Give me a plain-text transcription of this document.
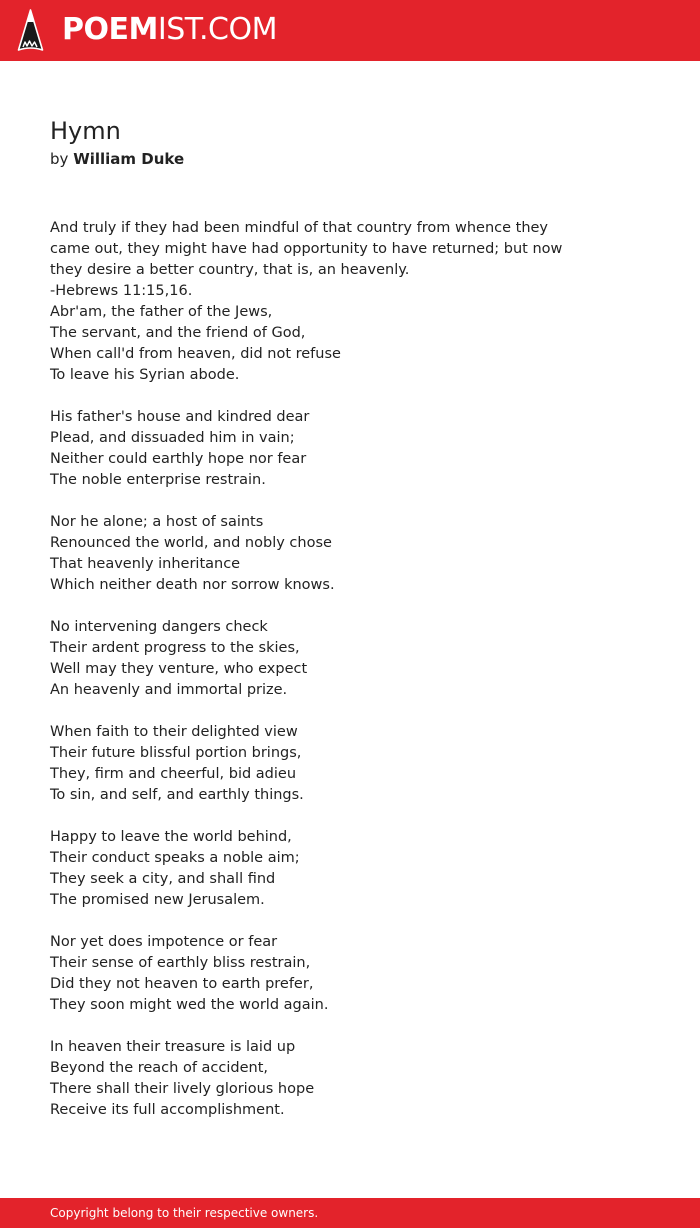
POEMIST.COM
Hymn
by William Duke
And truly if they had been mindful of that country from whence they
came out, they might have had opportunity to have returned; but now
they desire a better country, that is, an heavenly.
-Hebrews 11:15,16.
Abr'am, the father of the Jews,
The servant, and the friend of God,
When call'd from heaven, did not refuse
To leave his Syrian abode.
His father's house and kindred dear
Plead, and dissuaded him in vain;
Neither could earthly hope nor fear
The noble enterprise restrain.
Nor he alone; a host of saints
Renounced the world, and nobly chose
That heavenly inheritance
Which neither death nor sorrow knows.
No intervening dangers check
Their ardent progress to the skies,
Well may they venture, who expect
An heavenly and immortal prize.
When faith to their delighted view
Their future blissful portion brings,
They, firm and cheerful, bid adieu
To sin, and self, and earthly things.
Happy to leave the world behind,
Their conduct speaks a noble aim;
They seek a city, and shall find
The promised new Jerusalem.
Nor yet does impotence or fear
Their sense of earthly bliss restrain,
Did they not heaven to earth prefer,
They soon might wed the world again.
In heaven their treasure is laid up
Beyond the reach of accident,
There shall their lively glorious hope
Receive its full accomplishment.
Copyright belong to their respective owners.
